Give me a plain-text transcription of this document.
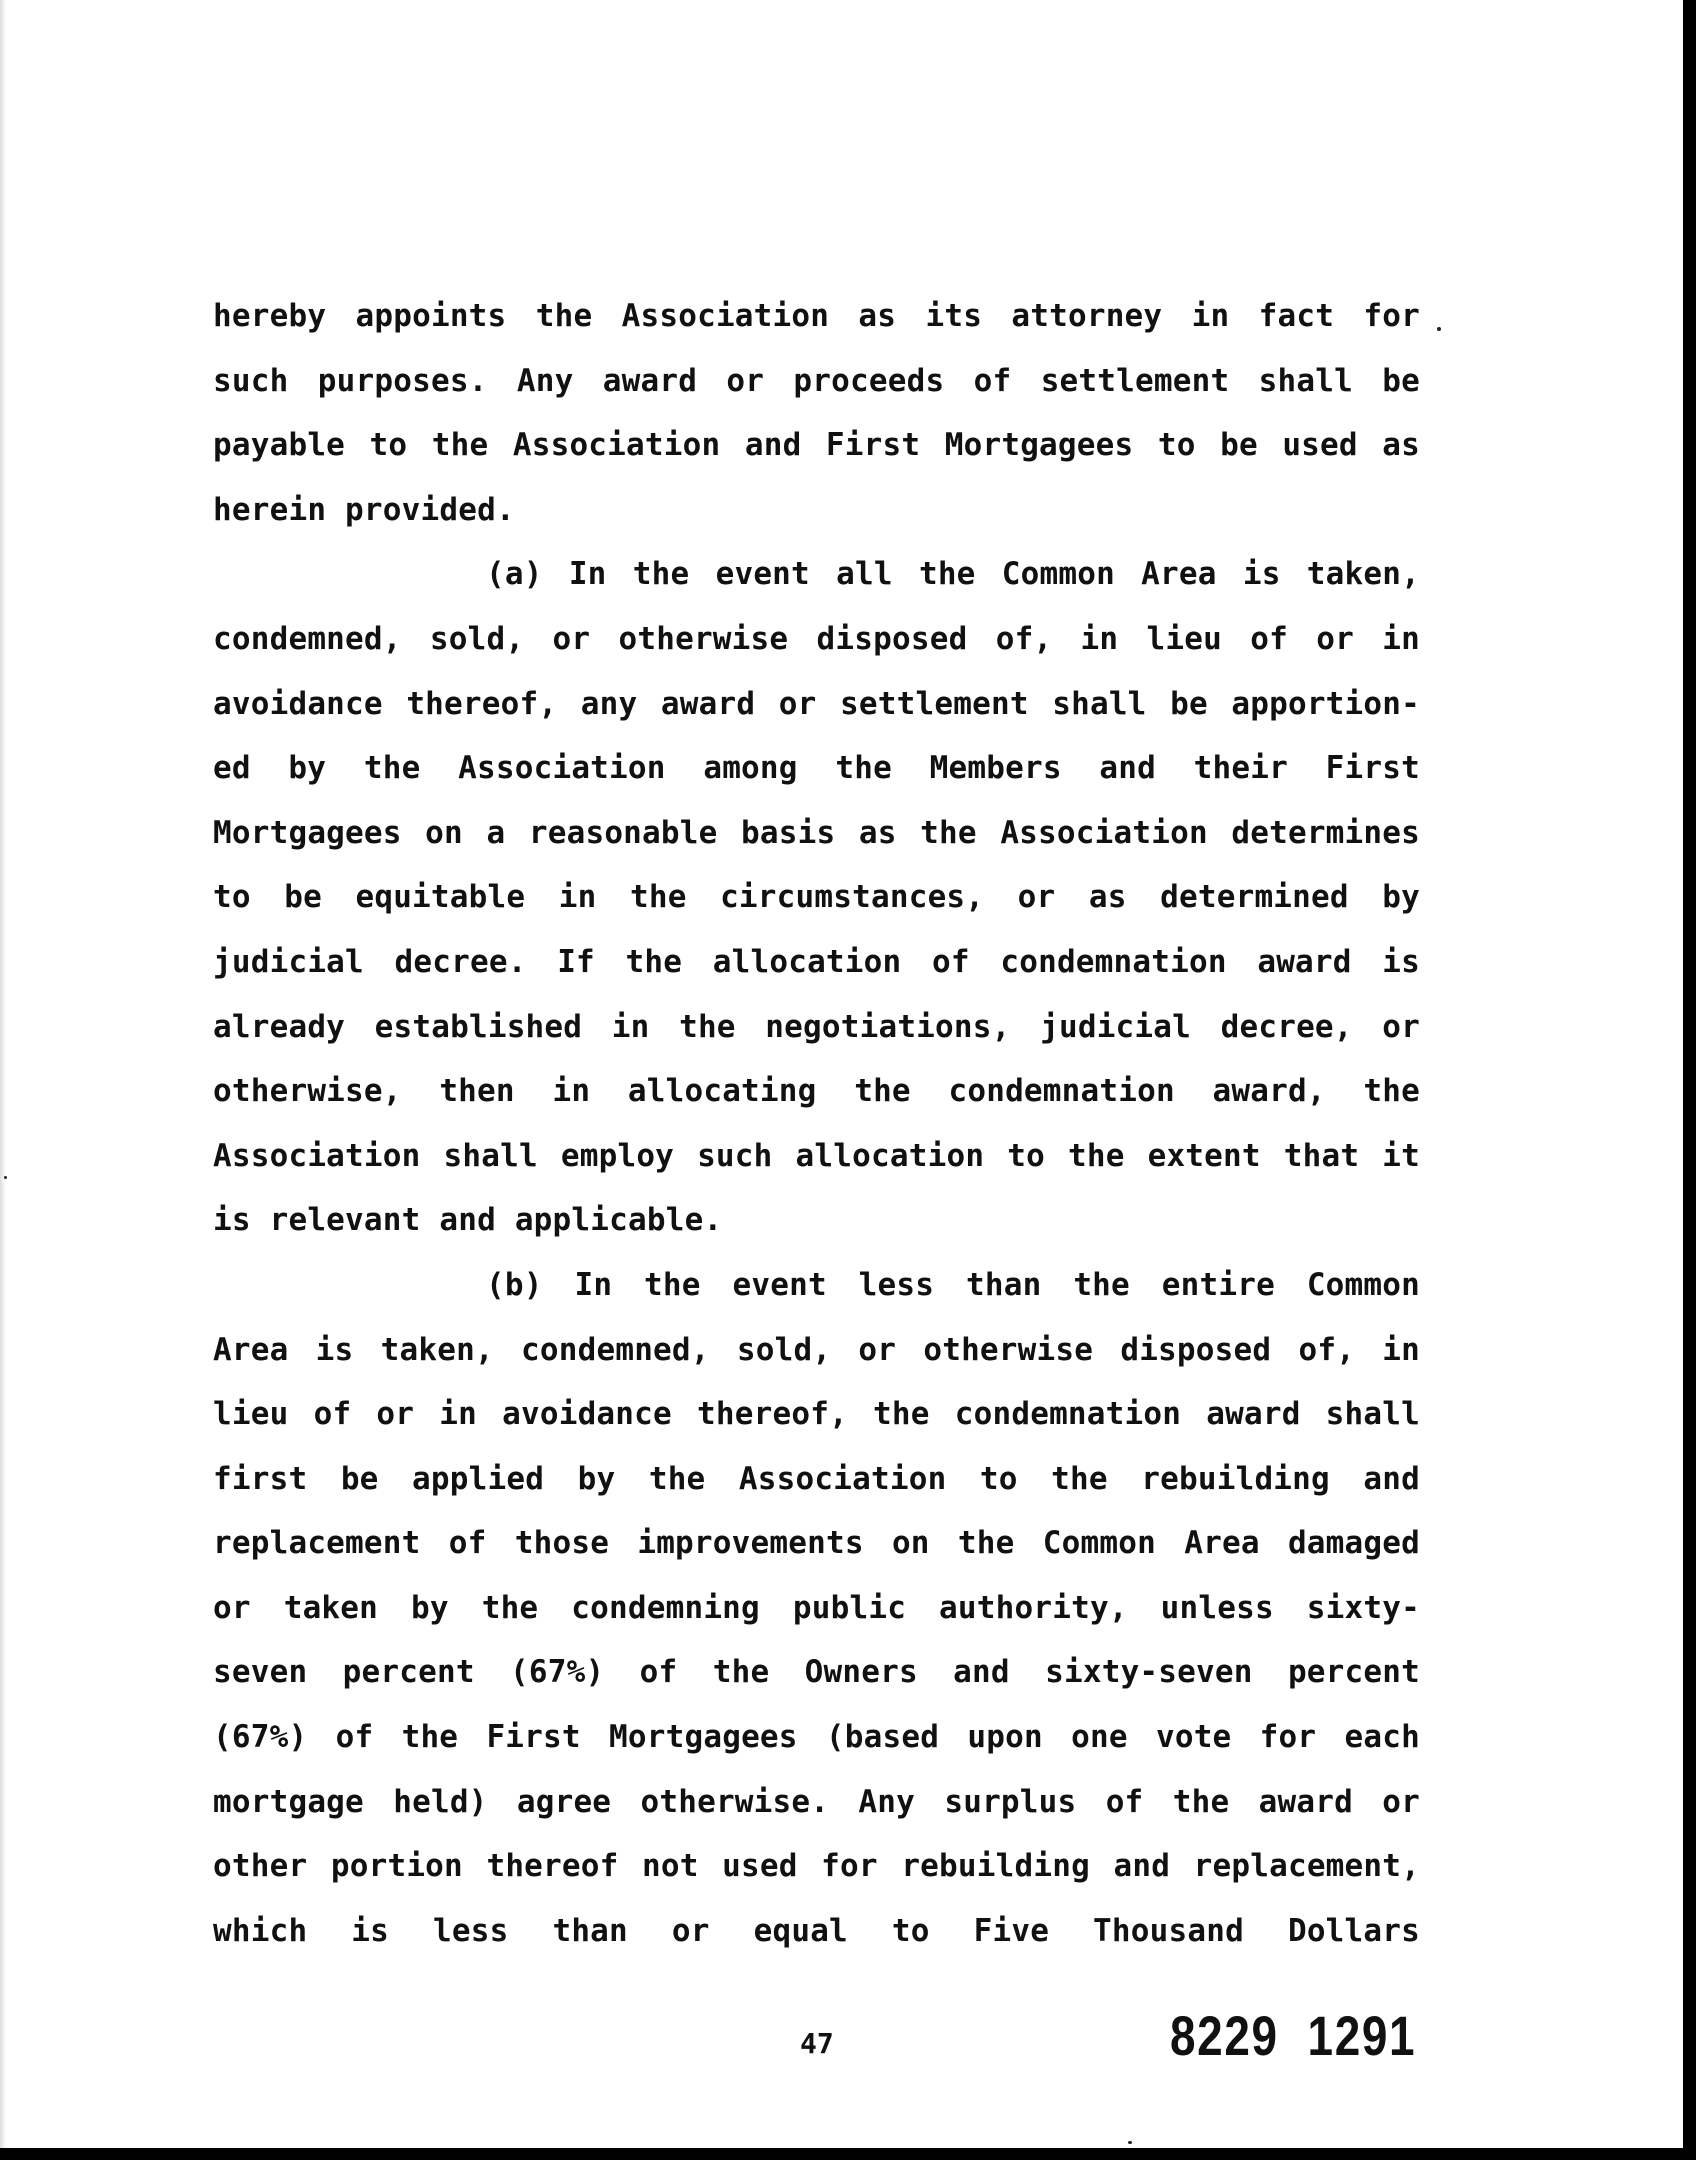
hereby appoints the Association as its attorney in fact for
such purposes. Any award or proceeds of settlement shall be
payable to the Association and First Mortgagees to be used as
herein provided.
(a) In the event all the Common Area is taken,
condemned, sold, or otherwise disposed of, in lieu of or in
avoidance thereof, any award or settlement shall be apportion-
ed by the Association among the Members and their First
Mortgagees on a reasonable basis as the Association determines
to be equitable in the circumstances, or as determined by
judicial decree. If the allocation of condemnation award is
already established in the negotiations, judicial decree, or
otherwise, then in allocating the condemnation award, the
Association shall employ such allocation to the extent that it
is relevant and applicable.
(b) In the event less than the entire Common
Area is taken, condemned, sold, or otherwise disposed of, in
lieu of or in avoidance thereof, the condemnation award shall
first be applied by the Association to the rebuilding and
replacement of those improvements on the Common Area damaged
or taken by the condemning public authority, unless sixty-
seven percent (67%) of the Owners and sixty-seven percent
(67%) of the First Mortgagees (based upon one vote for each
mortgage held) agree otherwise. Any surplus of the award or
other portion thereof not used for rebuilding and replacement,
which is less than or equal to Five Thousand Dollars
47	8229  1291
